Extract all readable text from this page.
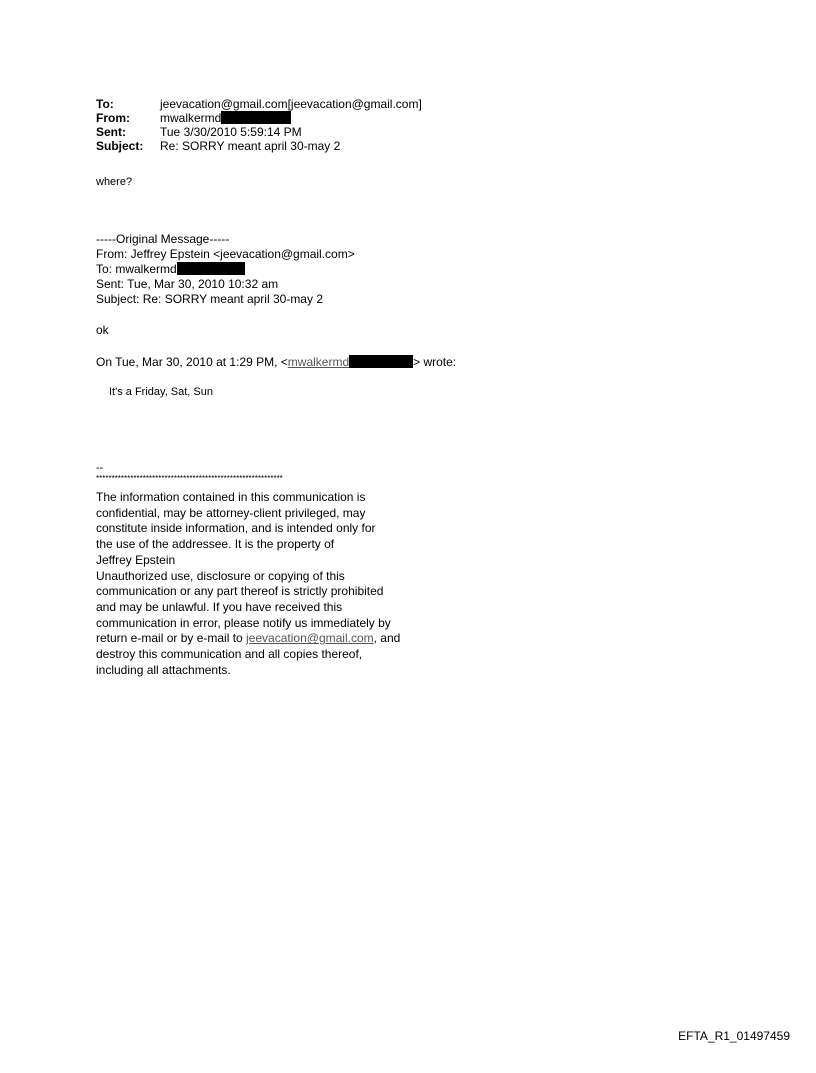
To:	jeevacation@gmail.com[jeevacation@gmail.com]
From:	mwalkermd
Sent:	Tue 3/30/2010 5:59:14 PM
Subject:	Re: SORRY meant april 30-may 2
where?
-----Original Message-----
From: Jeffrey Epstein <jeevacation@gmail.com>
To: mwalkermd
Sent: Tue, Mar 30, 2010 10:32 am
Subject: Re: SORRY meant april 30-may 2
ok
On Tue, Mar 30, 2010 at 1:29 PM, <mwalkermd	> wrote:
It's a Friday, Sat, Sun
--
************************************************************
The information contained in this communication is
confidential, may be attorney-client privileged, may
constitute inside information, and is intended only for
the use of the addressee. It is the property of
Jeffrey Epstein
Unauthorized use, disclosure or copying of this
communication or any part thereof is strictly prohibited
and may be unlawful. If you have received this
communication in error, please notify us immediately by
return e-mail or by e-mail to jeevacation@gmail.com, and
destroy this communication and all copies thereof,
including all attachments.
EFTA_R1_01497459
